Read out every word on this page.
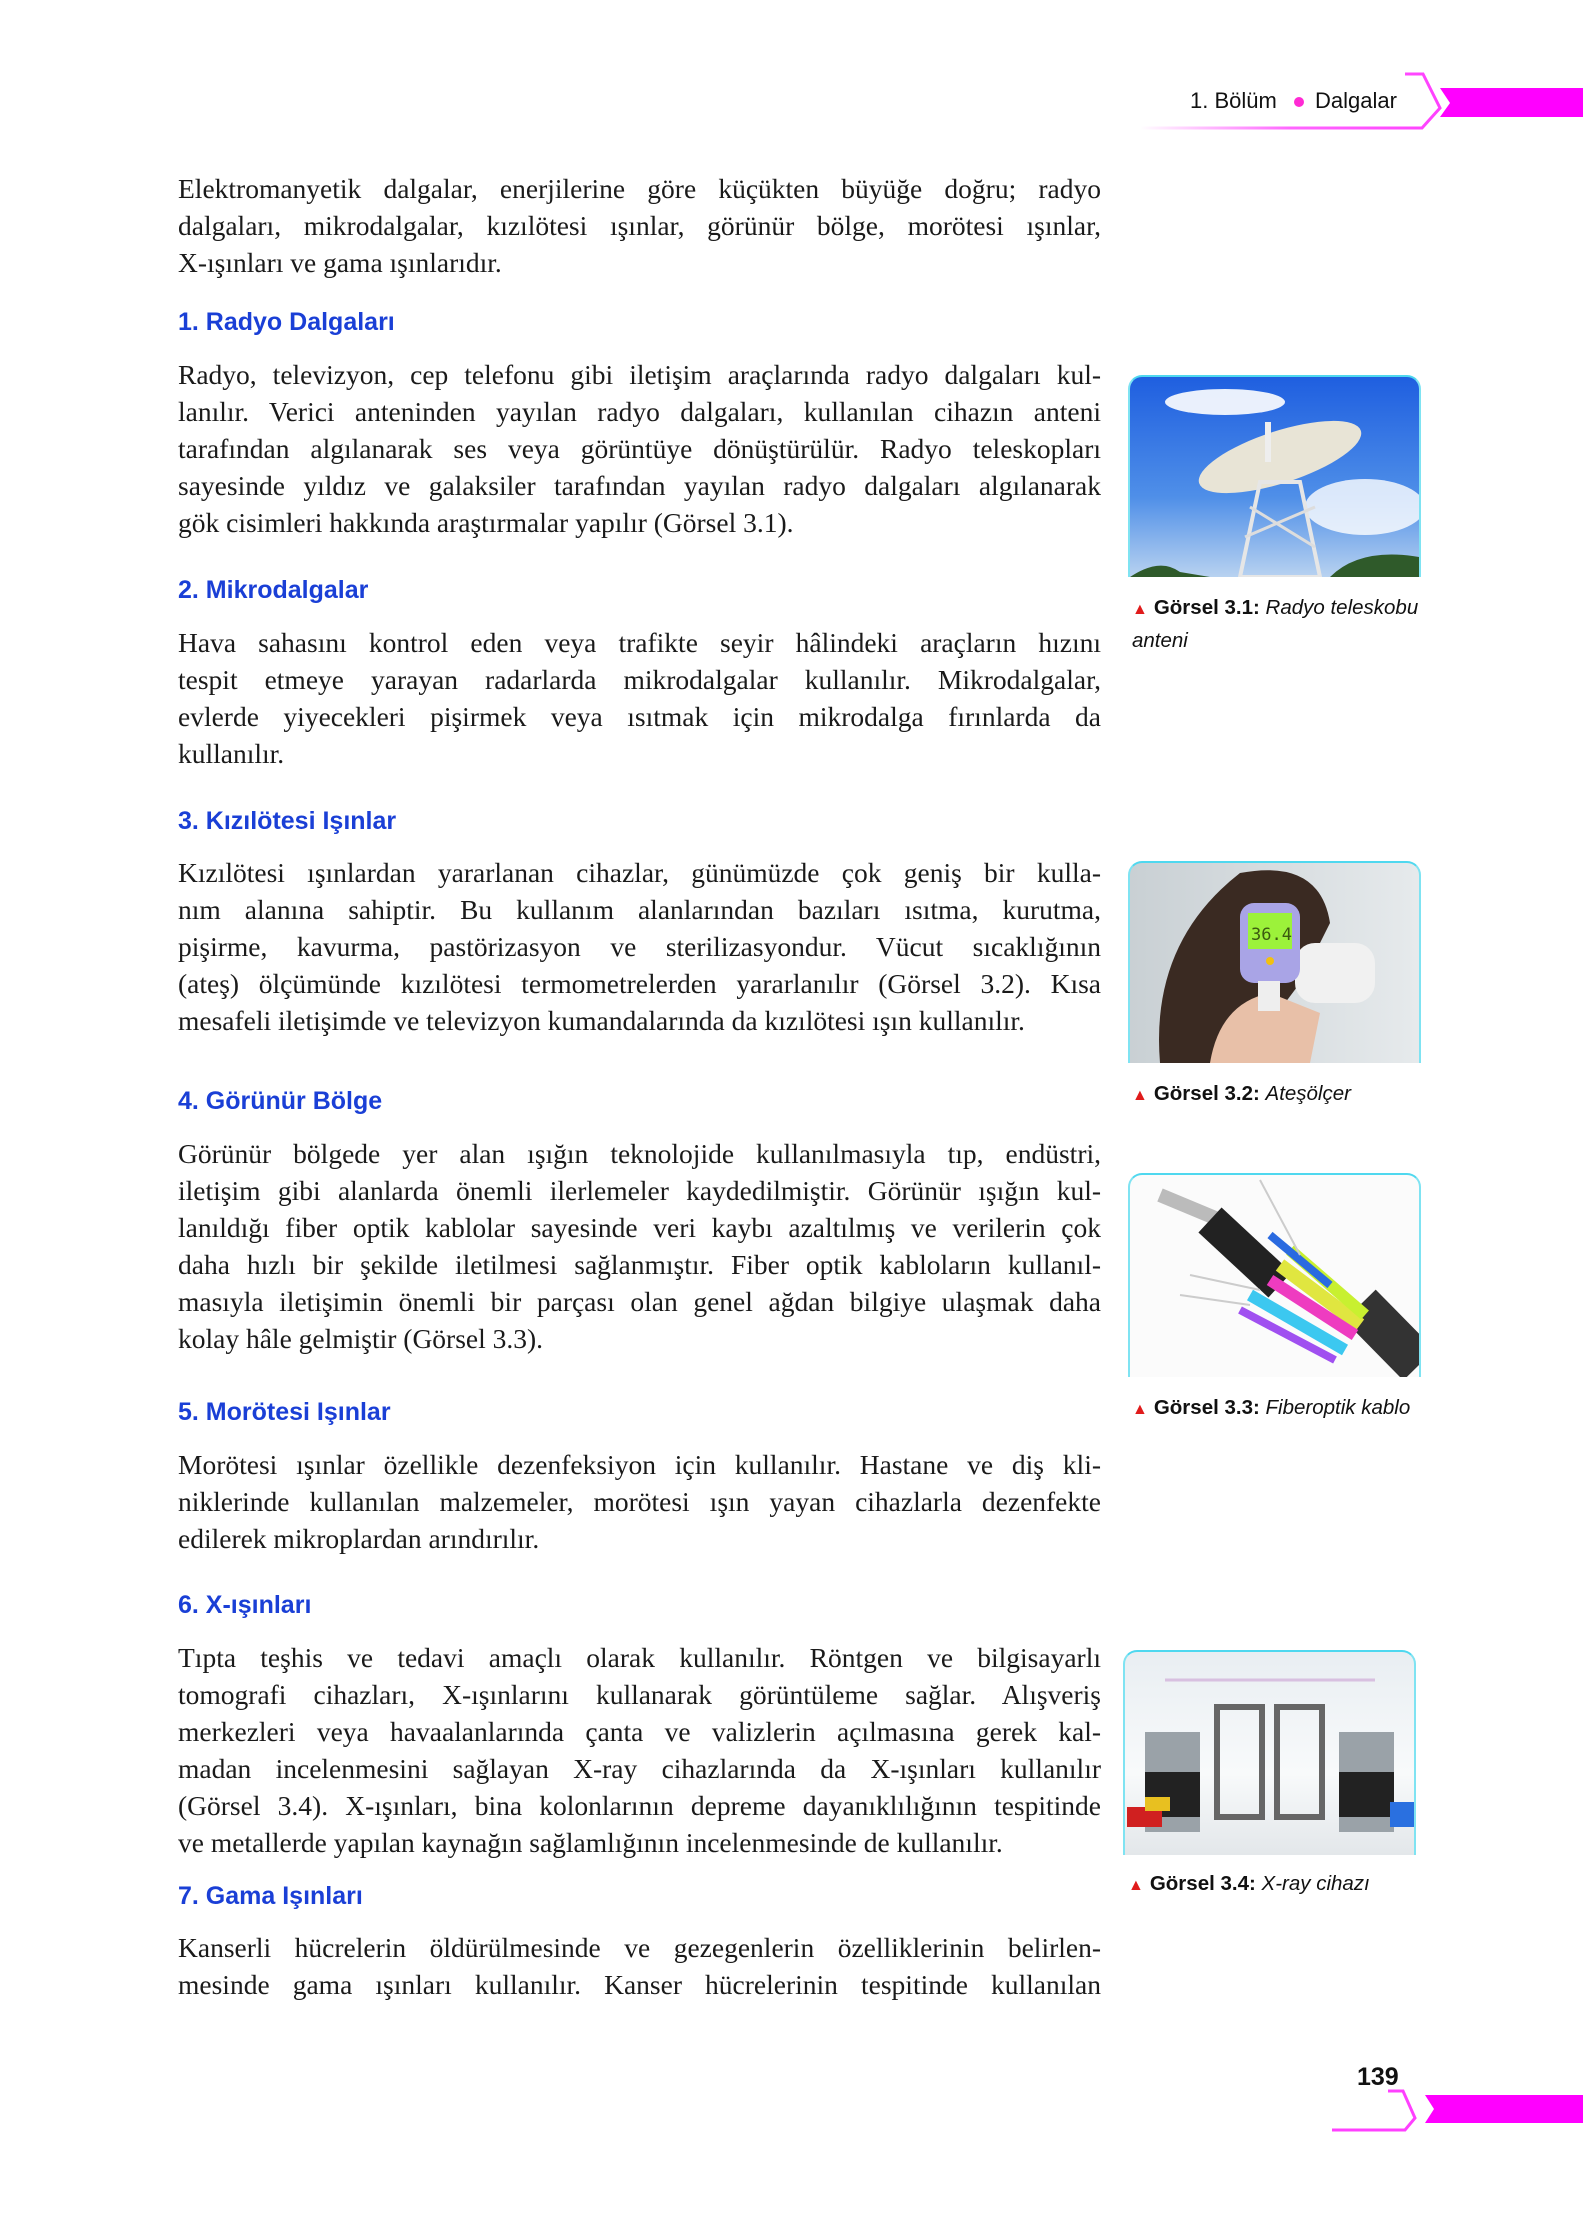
1. Bölüm Dalgalar
Elektromanyetik dalgalar, enerjilerine göre küçükten büyüğe doğru; radyo
dalgaları, mikrodalgalar, kızılötesi ışınlar, görünür bölge, morötesi ışınlar,
X-ışınları ve gama ışınlarıdır.
1. Radyo Dalgaları
Radyo, televizyon, cep telefonu gibi iletişim araçlarında radyo dalgaları kul-
lanılır. Verici anteninden yayılan radyo dalgaları, kullanılan cihazın anteni
tarafından algılanarak ses veya görüntüye dönüştürülür. Radyo teleskopları
sayesinde yıldız ve galaksiler tarafından yayılan radyo dalgaları algılanarak
gök cisimleri hakkında araştırmalar yapılır (Görsel 3.1).
2. Mikrodalgalar
Hava sahasını kontrol eden veya trafikte seyir hâlindeki araçların hızını
tespit etmeye yarayan radarlarda mikrodalgalar kullanılır. Mikrodalgalar,
evlerde yiyecekleri pişirmek veya ısıtmak için mikrodalga fırınlarda da
kullanılır.
3. Kızılötesi Işınlar
Kızılötesi ışınlardan yararlanan cihazlar, günümüzde çok geniş bir kulla-
nım alanına sahiptir. Bu kullanım alanlarından bazıları ısıtma, kurutma,
pişirme, kavurma, pastörizasyon ve sterilizasyondur. Vücut sıcaklığının
(ateş) ölçümünde kızılötesi termometrelerden yararlanılır (Görsel 3.2). Kısa
mesafeli iletişimde ve televizyon kumandalarında da kızılötesi ışın kullanılır.
4. Görünür Bölge
Görünür bölgede yer alan ışığın teknolojide kullanılmasıyla tıp, endüstri,
iletişim gibi alanlarda önemli ilerlemeler kaydedilmiştir. Görünür ışığın kul-
lanıldığı fiber optik kablolar sayesinde veri kaybı azaltılmış ve verilerin çok
daha hızlı bir şekilde iletilmesi sağlanmıştır. Fiber optik kabloların kullanıl-
masıyla iletişimin önemli bir parçası olan genel ağdan bilgiye ulaşmak daha
kolay hâle gelmiştir (Görsel 3.3).
5. Morötesi Işınlar
Morötesi ışınlar özellikle dezenfeksiyon için kullanılır. Hastane ve diş kli-
niklerinde kullanılan malzemeler, morötesi ışın yayan cihazlarla dezenfekte
edilerek mikroplardan arındırılır.
6. X-ışınları
Tıpta teşhis ve tedavi amaçlı olarak kullanılır. Röntgen ve bilgisayarlı
tomografi cihazları, X-ışınlarını kullanarak görüntüleme sağlar. Alışveriş
merkezleri veya havaalanlarında çanta ve valizlerin açılmasına gerek kal-
madan incelenmesini sağlayan X-ray cihazlarında da X-ışınları kullanılır
(Görsel 3.4). X-ışınları, bina kolonlarının depreme dayanıklılığının tespitinde
ve metallerde yapılan kaynağın sağlamlığının incelenmesinde de kullanılır.
7. Gama Işınları
Kanserli hücrelerin öldürülmesinde ve gezegenlerin özelliklerinin belirlen-
mesinde gama ışınları kullanılır. Kanser hücrelerinin tespitinde kullanılan
▲ Görsel 3.1: Radyo teleskobu anteni
36.4
▲ Görsel 3.2: Ateşölçer
▲ Görsel 3.3: Fiberoptik kablo
▲ Görsel 3.4: X-ray cihazı
139
